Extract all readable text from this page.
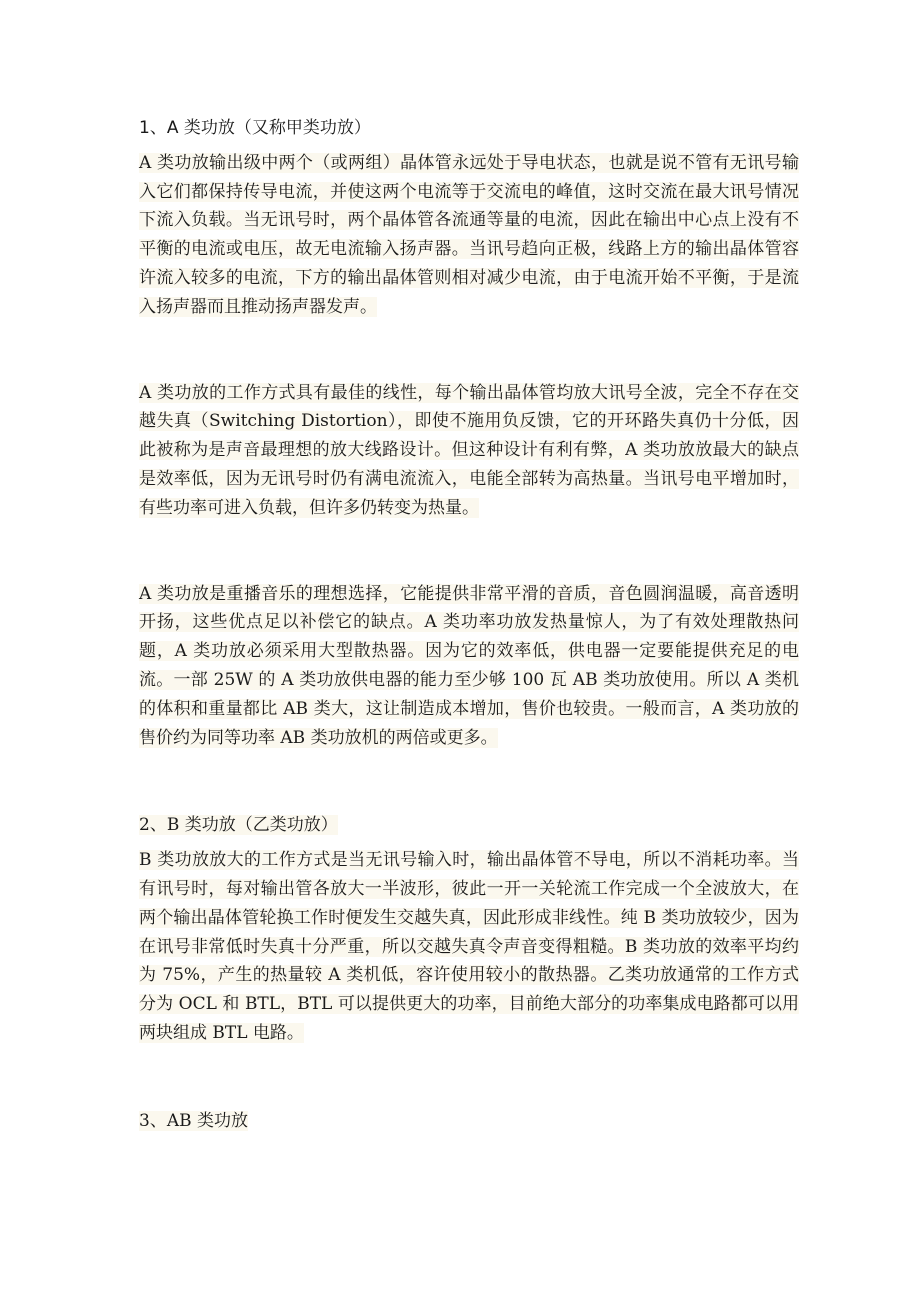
1、A 类功放（又称甲类功放）

A 类功放输出级中两个（或两组）晶体管永远处于导电状态，也就是说不管有无讯号输入它们都保持传导电流，并使这两个电流等于交流电的峰值，这时交流在最大讯号情况下流入负载。当无讯号时，两个晶体管各流通等量的电流，因此在输出中心点上没有不平衡的电流或电压，故无电流输入扬声器。当讯号趋向正极，线路上方的输出晶体管容许流入较多的电流，下方的输出晶体管则相对减少电流，由于电流开始不平衡，于是流入扬声器而且推动扬声器发声。

A 类功放的工作方式具有最佳的线性，每个输出晶体管均放大讯号全波，完全不存在交越失真（Switching Distortion），即使不施用负反馈，它的开环路失真仍十分低，因此被称为是声音最理想的放大线路设计。但这种设计有利有弊，A 类功放放最大的缺点是效率低，因为无讯号时仍有满电流流入，电能全部转为高热量。当讯号电平增加时，有些功率可进入负载，但许多仍转变为热量。

A 类功放是重播音乐的理想选择，它能提供非常平滑的音质，音色圆润温暖，高音透明开扬，这些优点足以补偿它的缺点。A 类功率功放发热量惊人，为了有效处理散热问题，A 类功放必须采用大型散热器。因为它的效率低，供电器一定要能提供充足的电流。一部 25W 的 A 类功放供电器的能力至少够 100 瓦 AB 类功放使用。所以 A 类机的体积和重量都比 AB 类大，这让制造成本增加，售价也较贵。一般而言，A 类功放的售价约为同等功率 AB 类功放机的两倍或更多。

2、B 类功放（乙类功放）

B 类功放放大的工作方式是当无讯号输入时，输出晶体管不导电，所以不消耗功率。当有讯号时，每对输出管各放大一半波形，彼此一开一关轮流工作完成一个全波放大，在两个输出晶体管轮换工作时便发生交越失真，因此形成非线性。纯 B 类功放较少，因为在讯号非常低时失真十分严重，所以交越失真令声音变得粗糙。B 类功放的效率平均约为 75%，产生的热量较 A 类机低，容许使用较小的散热器。乙类功放通常的工作方式分为 OCL 和 BTL，BTL 可以提供更大的功率，目前绝大部分的功率集成电路都可以用两块组成 BTL 电路。

3、AB 类功放
